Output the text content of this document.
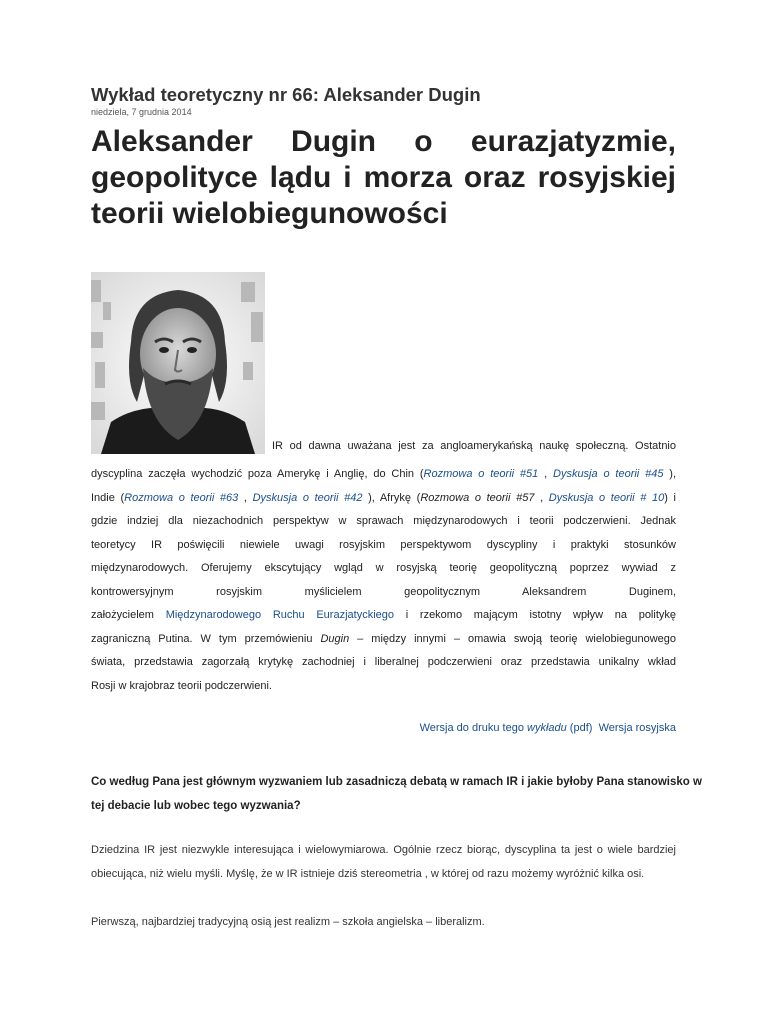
Wykład teoretyczny nr 66: Aleksander Dugin
niedziela, 7 grudnia 2014
Aleksander Dugin o eurazjatyzmie,
geopolityce lądu i morza oraz rosyjskiej
teorii wielobiegunowości
IR od dawna uważana jest za angloamerykańską naukę społeczną. Ostatnio
dyscyplina zaczęła wychodzić poza Amerykę i Anglię, do Chin (Rozmowa o teorii #51 , Dyskusja o teorii #45 ),
Indie (Rozmowa o teorii #63 , Dyskusja o teorii #42 ), Afrykę (Rozmowa o teorii #57 , Dyskusja o teorii # 10) i
gdzie indziej dla niezachodnich perspektyw w sprawach międzynarodowych i teorii podczerwieni. Jednak
teoretycy IR poświęcili niewiele uwagi rosyjskim perspektywom dyscypliny i praktyki stosunków
międzynarodowych. Oferujemy ekscytujący wgląd w rosyjską teorię geopolityczną poprzez wywiad z
kontrowersyjnym rosyjskim myślicielem geopolitycznym Aleksandrem Duginem,
założycielem Międzynarodowego Ruchu Eurazjatyckiego i rzekomo mającym istotny wpływ na politykę
zagraniczną Putina. W tym przemówieniu Dugin – między innymi – omawia swoją teorię wielobiegunowego
świata, przedstawia zagorzałą krytykę zachodniej i liberalnej podczerwieni oraz przedstawia unikalny wkład
Rosji w krajobraz teorii podczerwieni.
Wersja do druku tego wykładu (pdf) Wersja rosyjska
Co według Pana jest głównym wyzwaniem lub zasadniczą debatą w ramach IR i jakie byłoby Pana stanowisko w
tej debacie lub wobec tego wyzwania?
Dziedzina IR jest niezwykle interesująca i wielowymiarowa. Ogólnie rzecz biorąc, dyscyplina ta jest o wiele bardziej
obiecująca, niż wielu myśli. Myślę, że w IR istnieje dziś stereometria , w której od razu możemy wyróżnić kilka osi.
Pierwszą, najbardziej tradycyjną osią jest realizm – szkoła angielska – liberalizm.
